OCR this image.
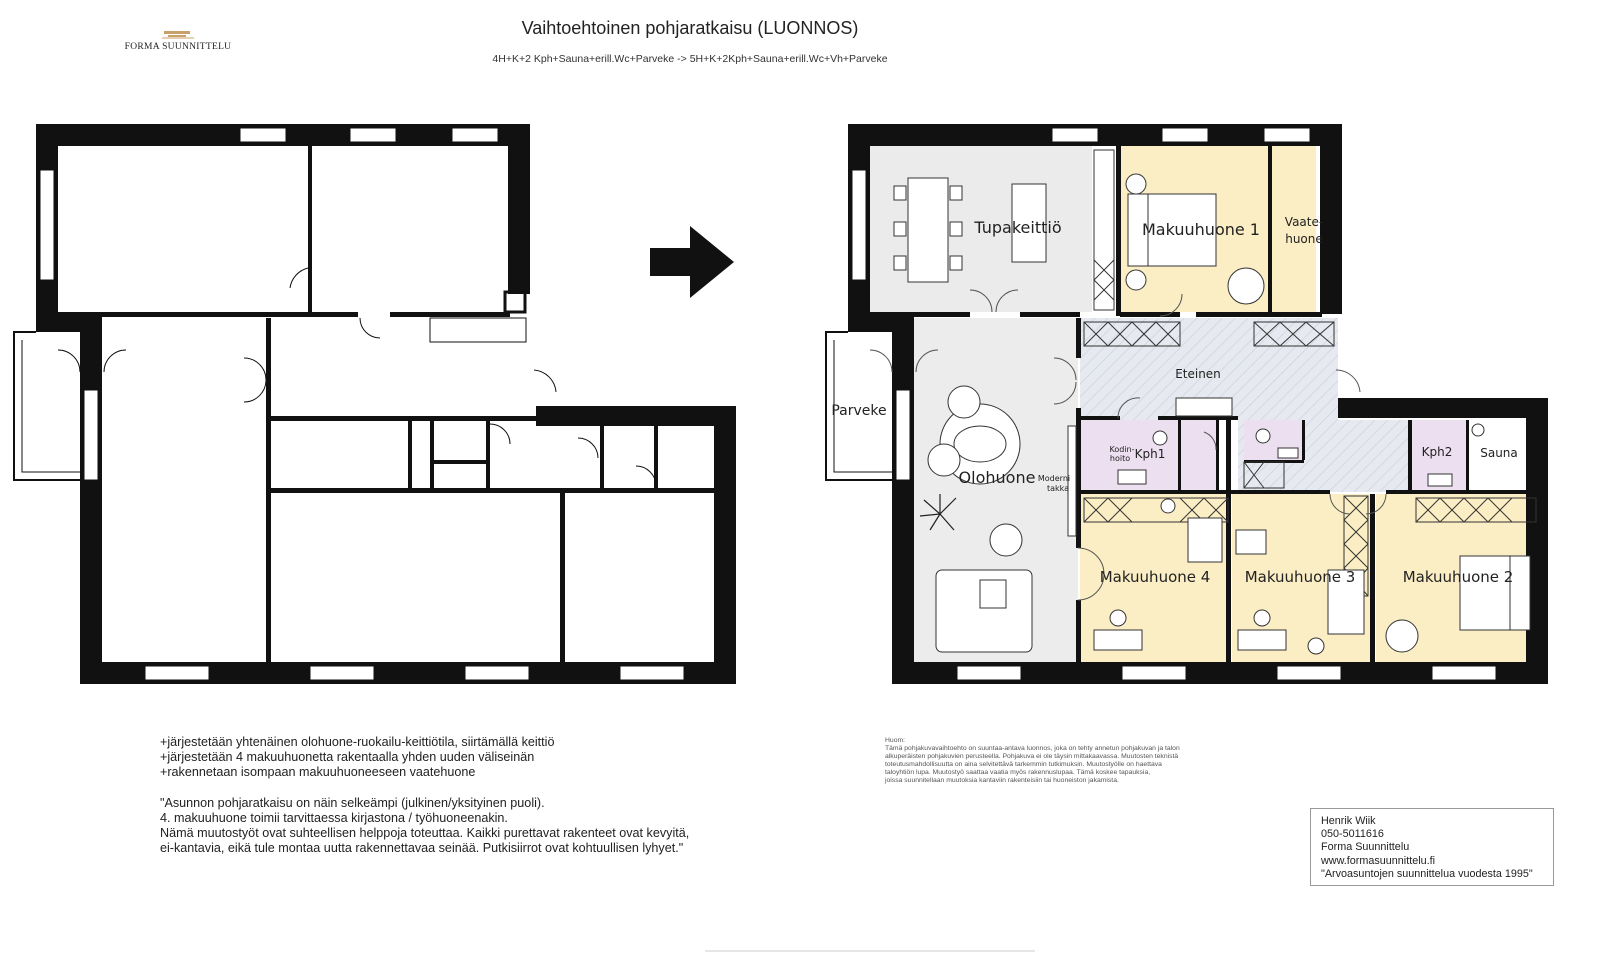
FORMA SUUNNITTELU
Vaihtoehtoinen pohjaratkaisu (LUONNOS)
4H+K+2 Kph+Sauna+erill.Wc+Parveke -> 5H+K+2Kph+Sauna+erill.Wc+Vh+Parveke
Tupakeittiö	Makuuhuone 1 Vaate-
huone
Eteinen
Parveke
Kodin-
hoito Kph1	Kph2 Sauna
Olohuone Moderni
takka
Makuuhuone 4 Makuuhuone 3	Makuuhuone 2
+järjestetään yhtenäinen olohuone-ruokailu-keittiötila, siirtämällä keittiö
+järjestetään 4 makuuhuonetta rakentaalla yhden uuden väliseinän
+rakennetaan isompaan makuuhuoneeseen vaatehuone
"Asunnon pohjaratkaisu on näin selkeämpi (julkinen/yksityinen puoli).
4. makuuhuone toimii tarvittaessa kirjastona / työhuoneenakin.
Nämä muutostyöt ovat suhteellisen helppoja toteuttaa. Kaikki purettavat rakenteet ovat kevyitä,
ei-kantavia, eikä tule montaa uutta rakennettavaa seinää. Putkisiirrot ovat kohtuullisen lyhyet."
Huom:
Tämä pohjakuvavaihtoehto on suuntaa-antava luonnos, joka on tehty annetun pohjakuvan ja talon
alkuperäisten pohjakuvien perusteella. Pohjakuva ei ole täysin mittakaavassa. Muutosten teknistä
toteutusmahdollisuutta on aina selvitettävä tarkemmin tutkimuksin. Muutostyölle on haettava
taloyhtiön lupa. Muutostyö saattaa vaatia myös rakennuslupaa. Tämä koskee tapauksia,
joissa suunnitellaan muutoksia kantaviin rakenteisiin tai huoneiston jakamista.
Henrik Wiik
050-5011616
Forma Suunnittelu
www.formasuunnittelu.fi
"Arvoasuntojen suunnittelua vuodesta 1995"
